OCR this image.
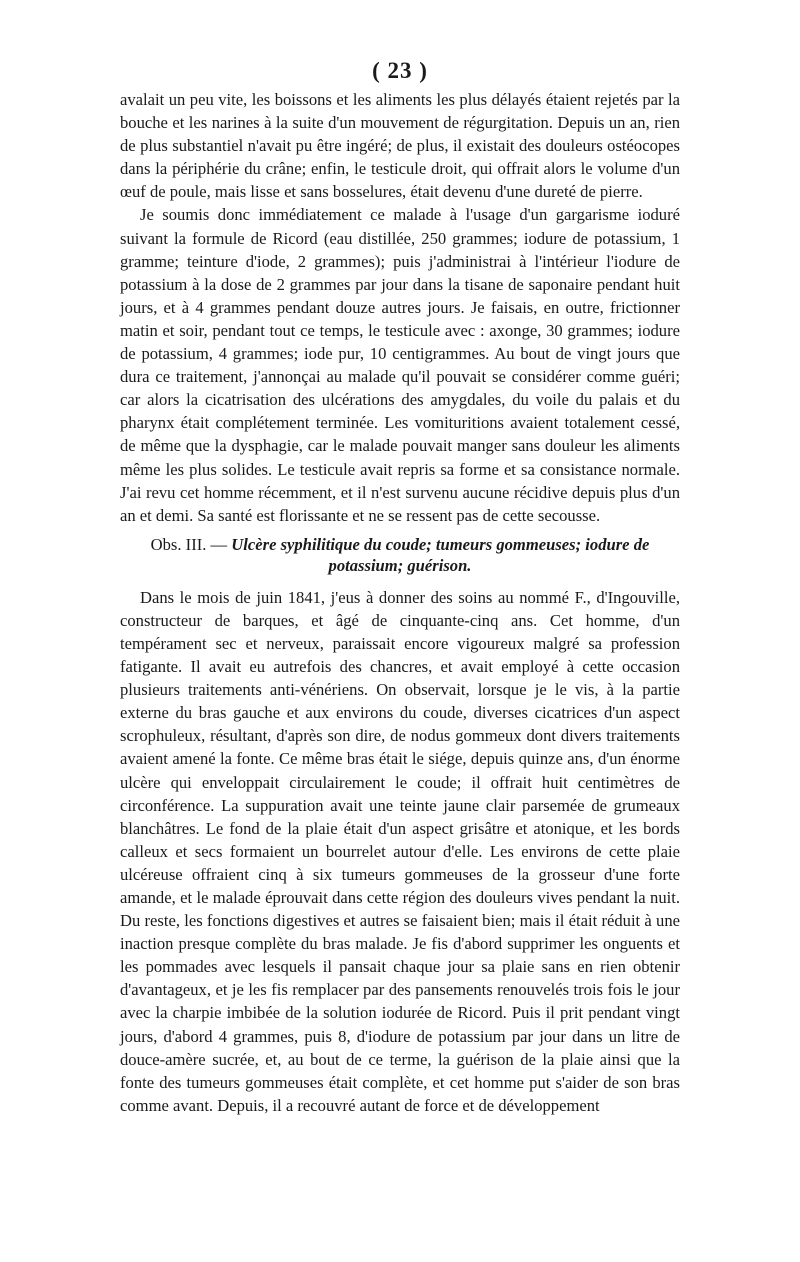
( 23 )

avalait un peu vite, les boissons et les aliments les plus délayés étaient rejetés par la bouche et les narines à la suite d'un mouvement de régurgitation. Depuis un an, rien de plus substantiel n'avait pu être ingéré; de plus, il existait des douleurs ostéocopes dans la périphérie du crâne; enfin, le testicule droit, qui offrait alors le volume d'un œuf de poule, mais lisse et sans bosselures, était devenu d'une dureté de pierre.

Je soumis donc immédiatement ce malade à l'usage d'un gargarisme ioduré suivant la formule de Ricord (eau distillée, 250 grammes; iodure de potassium, 1 gramme; teinture d'iode, 2 grammes); puis j'administrai à l'intérieur l'iodure de potassium à la dose de 2 grammes par jour dans la tisane de saponaire pendant huit jours, et à 4 grammes pendant douze autres jours. Je faisais, en outre, frictionner matin et soir, pendant tout ce temps, le testicule avec : axonge, 30 grammes; iodure de potassium, 4 grammes; iode pur, 10 centigrammes. Au bout de vingt jours que dura ce traitement, j'annonçai au malade qu'il pouvait se considérer comme guéri; car alors la cicatrisation des ulcérations des amygdales, du voile du palais et du pharynx était complétement terminée. Les vomituritions avaient totalement cessé, de même que la dysphagie, car le malade pouvait manger sans douleur les aliments même les plus solides. Le testicule avait repris sa forme et sa consistance normale. J'ai revu cet homme récemment, et il n'est survenu aucune récidive depuis plus d'un an et demi. Sa santé est florissante et ne se ressent pas de cette secousse.

Obs. III. — Ulcère syphilitique du coude; tumeurs gommeuses; iodure de potassium; guérison.

Dans le mois de juin 1841, j'eus à donner des soins au nommé F., d'Ingouville, constructeur de barques, et âgé de cinquante-cinq ans. Cet homme, d'un tempérament sec et nerveux, paraissait encore vigoureux malgré sa profession fatigante. Il avait eu autrefois des chancres, et avait employé à cette occasion plusieurs traitements anti-vénériens. On observait, lorsque je le vis, à la partie externe du bras gauche et aux environs du coude, diverses cicatrices d'un aspect scrophuleux, résultant, d'après son dire, de nodus gommeux dont divers traitements avaient amené la fonte. Ce même bras était le siége, depuis quinze ans, d'un énorme ulcère qui enveloppait circulairement le coude; il offrait huit centimètres de circonférence. La suppuration avait une teinte jaune clair parsemée de grumeaux blanchâtres. Le fond de la plaie était d'un aspect grisâtre et atonique, et les bords calleux et secs formaient un bourrelet autour d'elle. Les environs de cette plaie ulcéreuse offraient cinq à six tumeurs gommeuses de la grosseur d'une forte amande, et le malade éprouvait dans cette région des douleurs vives pendant la nuit. Du reste, les fonctions digestives et autres se faisaient bien; mais il était réduit à une inaction presque complète du bras malade. Je fis d'abord supprimer les onguents et les pommades avec lesquels il pansait chaque jour sa plaie sans en rien obtenir d'avantageux, et je les fis remplacer par des pansements renouvelés trois fois le jour avec la charpie imbibée de la solution iodurée de Ricord. Puis il prit pendant vingt jours, d'abord 4 grammes, puis 8, d'iodure de potassium par jour dans un litre de douce-amère sucrée, et, au bout de ce terme, la guérison de la plaie ainsi que la fonte des tumeurs gommeuses était complète, et cet homme put s'aider de son bras comme avant. Depuis, il a recouvré autant de force et de développement
